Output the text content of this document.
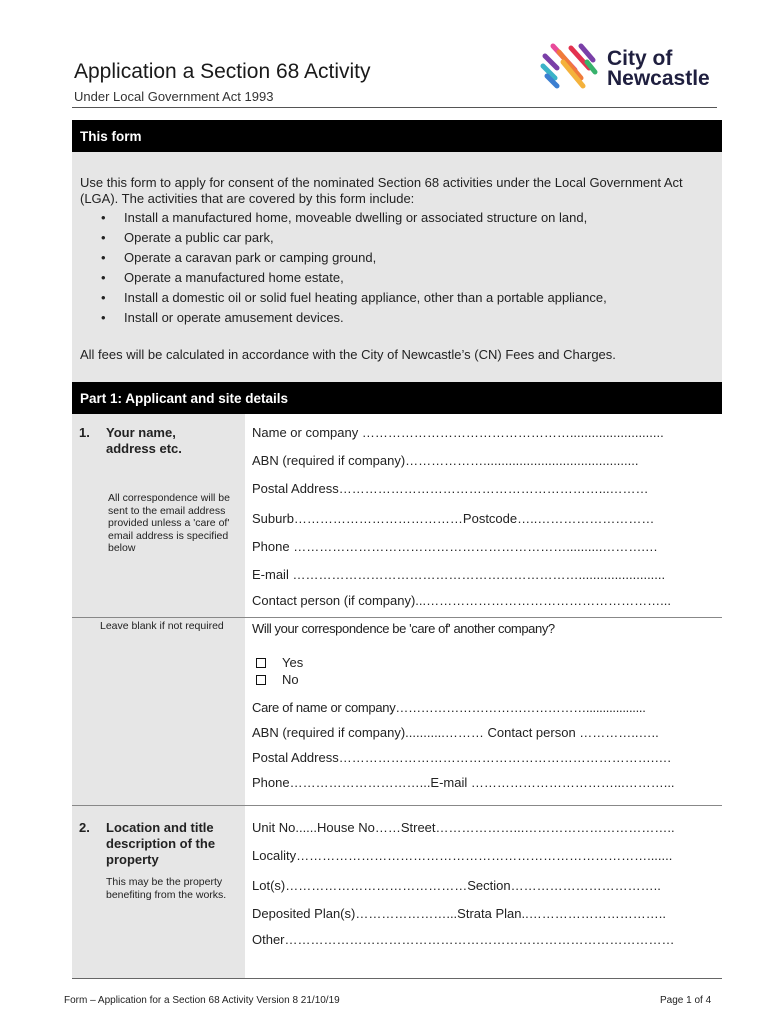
Application a Section 68 Activity
Under Local Government Act 1993
City of
Newcastle
This form
Use this form to apply for consent of the nominated Section 68 activities under the Local Government Act (LGA). The activities that are covered by this form include:
• Install a manufactured home, moveable dwelling or associated structure on land,
• Operate a public car park,
• Operate a caravan park or camping ground,
• Operate a manufactured home estate,
• Install a domestic oil or solid fuel heating appliance, other than a portable appliance,
• Install or operate amusement devices.
All fees will be calculated in accordance with the City of Newcastle’s (CN) Fees and Charges.
Part 1: Applicant and site details
1. Your name, address etc.
All correspondence will be sent to the email address provided unless a 'care of' email address is specified below
Name or company …………………………………………..........................
ABN (required if company)………………...........................................
Postal Address……………………………………………………...………
Suburb…………………………………Postcode…..………………………
Phone ………………………………………………………..........……….…
E-mail …………………………………………………………........................
Contact person (if company)...………………………………………………...
Leave blank if not required Will your correspondence be 'care of' another company?
Yes
No
Care of name or company………………………………………..................
ABN (required if company)...........……… Contact person …………..…..
Postal Address……………………………………………………………….….
Phone…………………………...E-mail ……………………………...………...
2. Location and title description of the property
This may be the property benefiting from the works.
Unit No......House No……Street………………...……………………………..
Locality……………………………………………………………………….......
Lot(s)……………………………………Section……………………………..
Deposited Plan(s)…………………...Strata Plan..…………………………..
Other………………………………………………………………………………
Form – Application for a Section 68 Activity Version 8 21/10/19	Page 1 of 4
